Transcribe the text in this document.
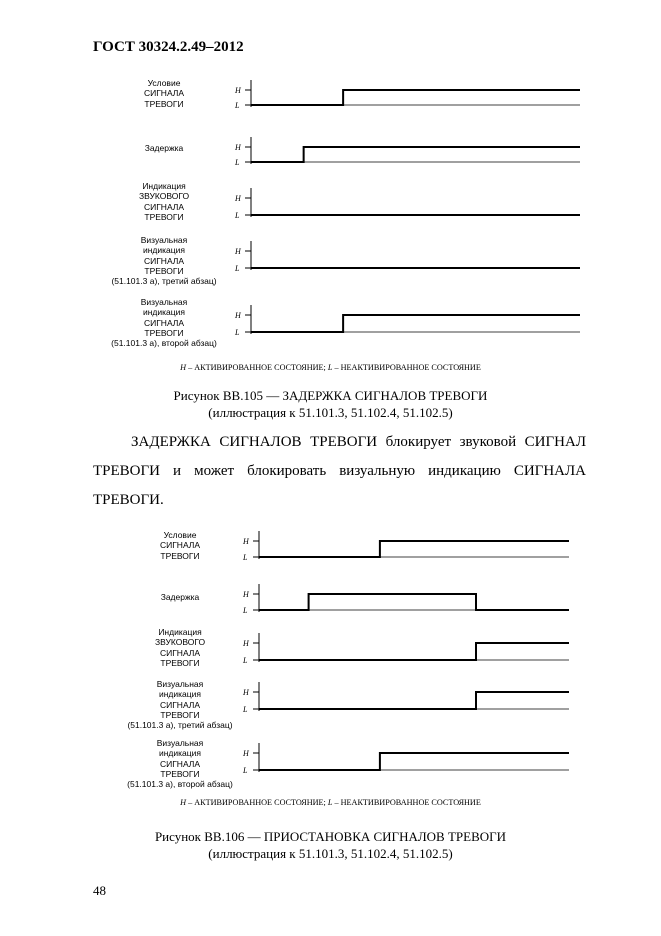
ГОСТ 30324.2.49–2012
Условие
СИГНАЛА
ТРЕВОГИ
Задержка
Индикация
ЗВУКОВОГО
СИГНАЛА
ТРЕВОГИ
Визуальная
индикация
СИГНАЛА
ТРЕВОГИ
(51.101.3 a), третий абзац)
Визуальная
индикация
СИГНАЛА
ТРЕВОГИ
(51.101.3 a), второй абзац)
H
L
H
L
H
L
H
L
H
L
H – АКТИВИРОВАННОЕ СОСТОЯНИЕ; L – НЕАКТИВИРОВАННОЕ СОСТОЯНИЕ
Рисунок ВВ.105 — ЗАДЕРЖКА СИГНАЛОВ ТРЕВОГИ
(иллюстрация к 51.101.3, 51.102.4, 51.102.5)
ЗАДЕРЖКА СИГНАЛОВ ТРЕВОГИ блокирует звуковой СИГНАЛ
ТРЕВОГИ и может блокировать визуальную индикацию СИГНАЛА
ТРЕВОГИ.
Условие
СИГНАЛА
ТРЕВОГИ
Задержка
Индикация
ЗВУКОВОГО
СИГНАЛА
ТРЕВОГИ
Визуальная
индикация
СИГНАЛА
ТРЕВОГИ
(51.101.3 a), третий абзац)
Визуальная
индикация
СИГНАЛА
ТРЕВОГИ
(51.101.3 a), второй абзац)
H
L
H
L
H
L
H
L
H
L
H – АКТИВИРОВАННОЕ СОСТОЯНИЕ; L – НЕАКТИВИРОВАННОЕ СОСТОЯНИЕ
Рисунок ВВ.106 — ПРИОСТАНОВКА СИГНАЛОВ ТРЕВОГИ
(иллюстрация к 51.101.3, 51.102.4, 51.102.5)
48
